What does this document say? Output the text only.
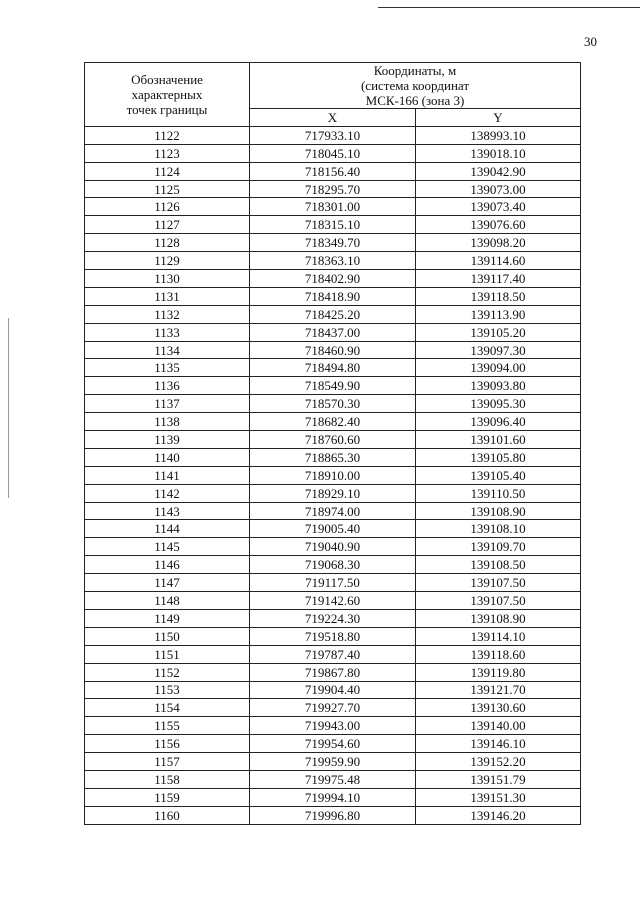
30
Обозначение
характерных
точек границы	Координаты, м
(система координат
МСК-166 (зона 3)	

	X	Y
1122	717933.10	138993.10
1123	718045.10	139018.10
1124	718156.40	139042.90
1125	718295.70	139073.00
1126	718301.00	139073.40
1127	718315.10	139076.60
1128	718349.70	139098.20
1129	718363.10	139114.60
1130	718402.90	139117.40
1131	718418.90	139118.50
1132	718425.20	139113.90
1133	718437.00	139105.20
1134	718460.90	139097.30
1135	718494.80	139094.00
1136	718549.90	139093.80
1137	718570.30	139095.30
1138	718682.40	139096.40
1139	718760.60	139101.60
1140	718865.30	139105.80
1141	718910.00	139105.40
1142	718929.10	139110.50
1143	718974.00	139108.90
1144	719005.40	139108.10
1145	719040.90	139109.70
1146	719068.30	139108.50
1147	719117.50	139107.50
1148	719142.60	139107.50
1149	719224.30	139108.90
1150	719518.80	139114.10
1151	719787.40	139118.60
1152	719867.80	139119.80
1153	719904.40	139121.70
1154	719927.70	139130.60
1155	719943.00	139140.00
1156	719954.60	139146.10
1157	719959.90	139152.20
1158	719975.48	139151.79
1159	719994.10	139151.30
1160	719996.80	139146.20
